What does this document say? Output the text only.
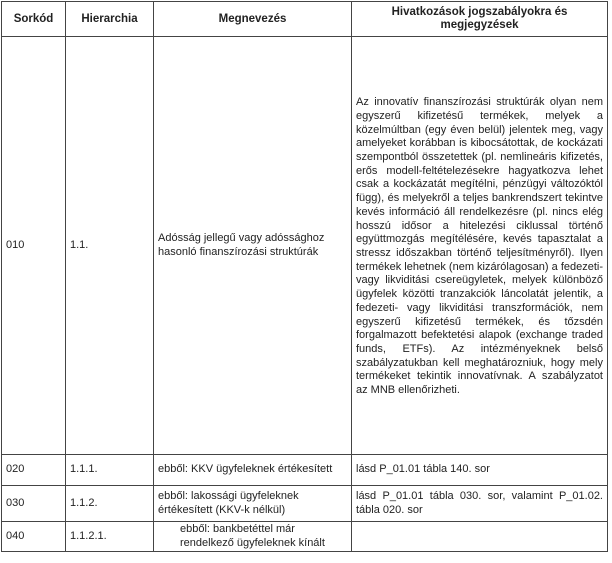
Sorkód	Hierarchia	Megnevezés	Hivatkozások jogszabályokra és megjegyzések
010	1.1.	Adósság jellegű vagy adóssághoz hasonló finanszírozási struktúrák	Az innovatív finanszírozási struktúrák olyan nem egyszerű kifizetésű termékek, melyek a közelmúltban (egy éven belül) jelentek meg, vagy amelyeket korábban is kibocsátottak, de kockázati szempontból összetettek (pl. nemlineáris kifizetés, erős modell-feltételezésekre hagyatkozva lehet csak a kockázatát megítélni, pénzügyi változóktól függ), és melyekről a teljes bankrendszert tekintve kevés információ áll rendelkezésre (pl. nincs elég hosszú idősor a hitelezési ciklussal történő együttmozgás megítélésére, kevés tapasztalat a stressz időszakban történő teljesítményről). Ilyen termékek lehetnek (nem kizárólagosan) a fedezeti- vagy likviditási csereügyletek, melyek különböző ügyfelek közötti tranzakciók láncolatát jelentik, a fedezeti- vagy likviditási transzformációk, nem egyszerű kifizetésű termékek, és tőzsdén forgalmazott befektetési alapok (exchange traded funds, ETFs). Az intézményeknek belső szabályzatukban kell meghatározniuk, hogy mely termékeket tekintik innovatívnak. A szabályzatot az MNB ellenőrizheti.
020	1.1.1.	ebből: KKV ügyfeleknek értékesített	lásd P_01.01 tábla 140. sor
030	1.1.2.	ebből: lakossági ügyfeleknek értékesített (KKV-k nélkül)	lásd P_01.01 tábla 030. sor, valamint P_01.02. tábla 020. sor
040	1.1.2.1.	ebből: bankbetéttel már rendelkező ügyfeleknek kínált	
